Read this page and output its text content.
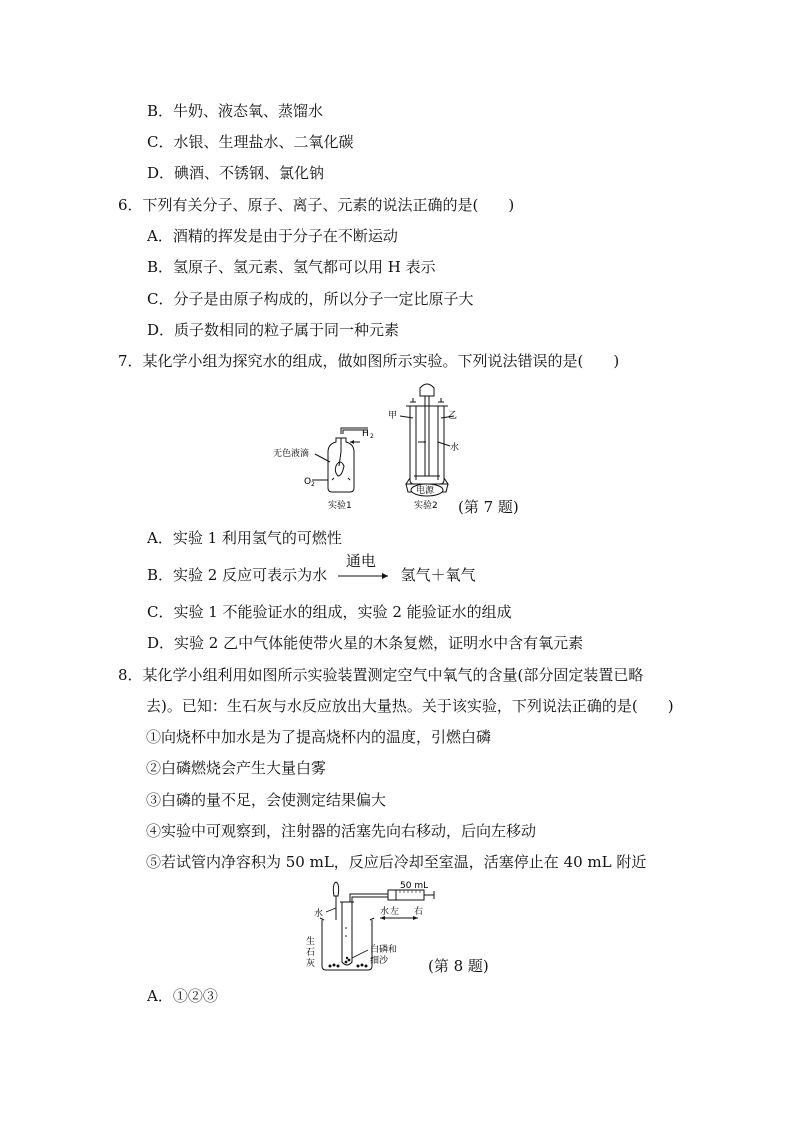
B．牛奶、液态氧、蒸馏水
C．水银、生理盐水、二氧化碳
D．碘酒、不锈钢、氯化钠
6．下列有关分子、原子、离子、元素的说法正确的是(　　)
A．酒精的挥发是由于分子在不断运动
B．氢原子、氢元素、氢气都可以用 H 表示
C．分子是由原子构成的，所以分子一定比原子大
D．质子数相同的粒子属于同一种元素
7．某化学小组为探究水的组成，做如图所示实验。下列说法错误的是(　　)
无色液滴
H 2
O 2
实验1
甲	乙
水
电源
实验2 (第 7 题)
A．实验 1 利用氢气的可燃性
B．实验 2 反应可表示为水
通电
氢气＋氧气
C．实验 1 不能验证水的组成，实验 2 能验证水的组成
D．实验 2 乙中气体能使带火星的木条复燃，证明水中含有氧元素
8．某化学小组利用如图所示实验装置测定空气中氧气的含量(部分固定装置已略
去)。已知：生石灰与水反应放出大量热。关于该实验，下列说法正确的是(　　)
①向烧杯中加水是为了提高烧杯内的温度，引燃白磷
②白磷燃烧会产生大量白雾
③白磷的量不足，会使测定结果偏大
④实验中可观察到，注射器的活塞先向右移动，后向左移动
⑤若试管内净容积为 50 mL，反应后冷却至室温，活塞停止在 40 mL 附近
50 mL
水	水 左 右
生
石
灰
白磷和
细沙	(第 8 题)
A．①②③
